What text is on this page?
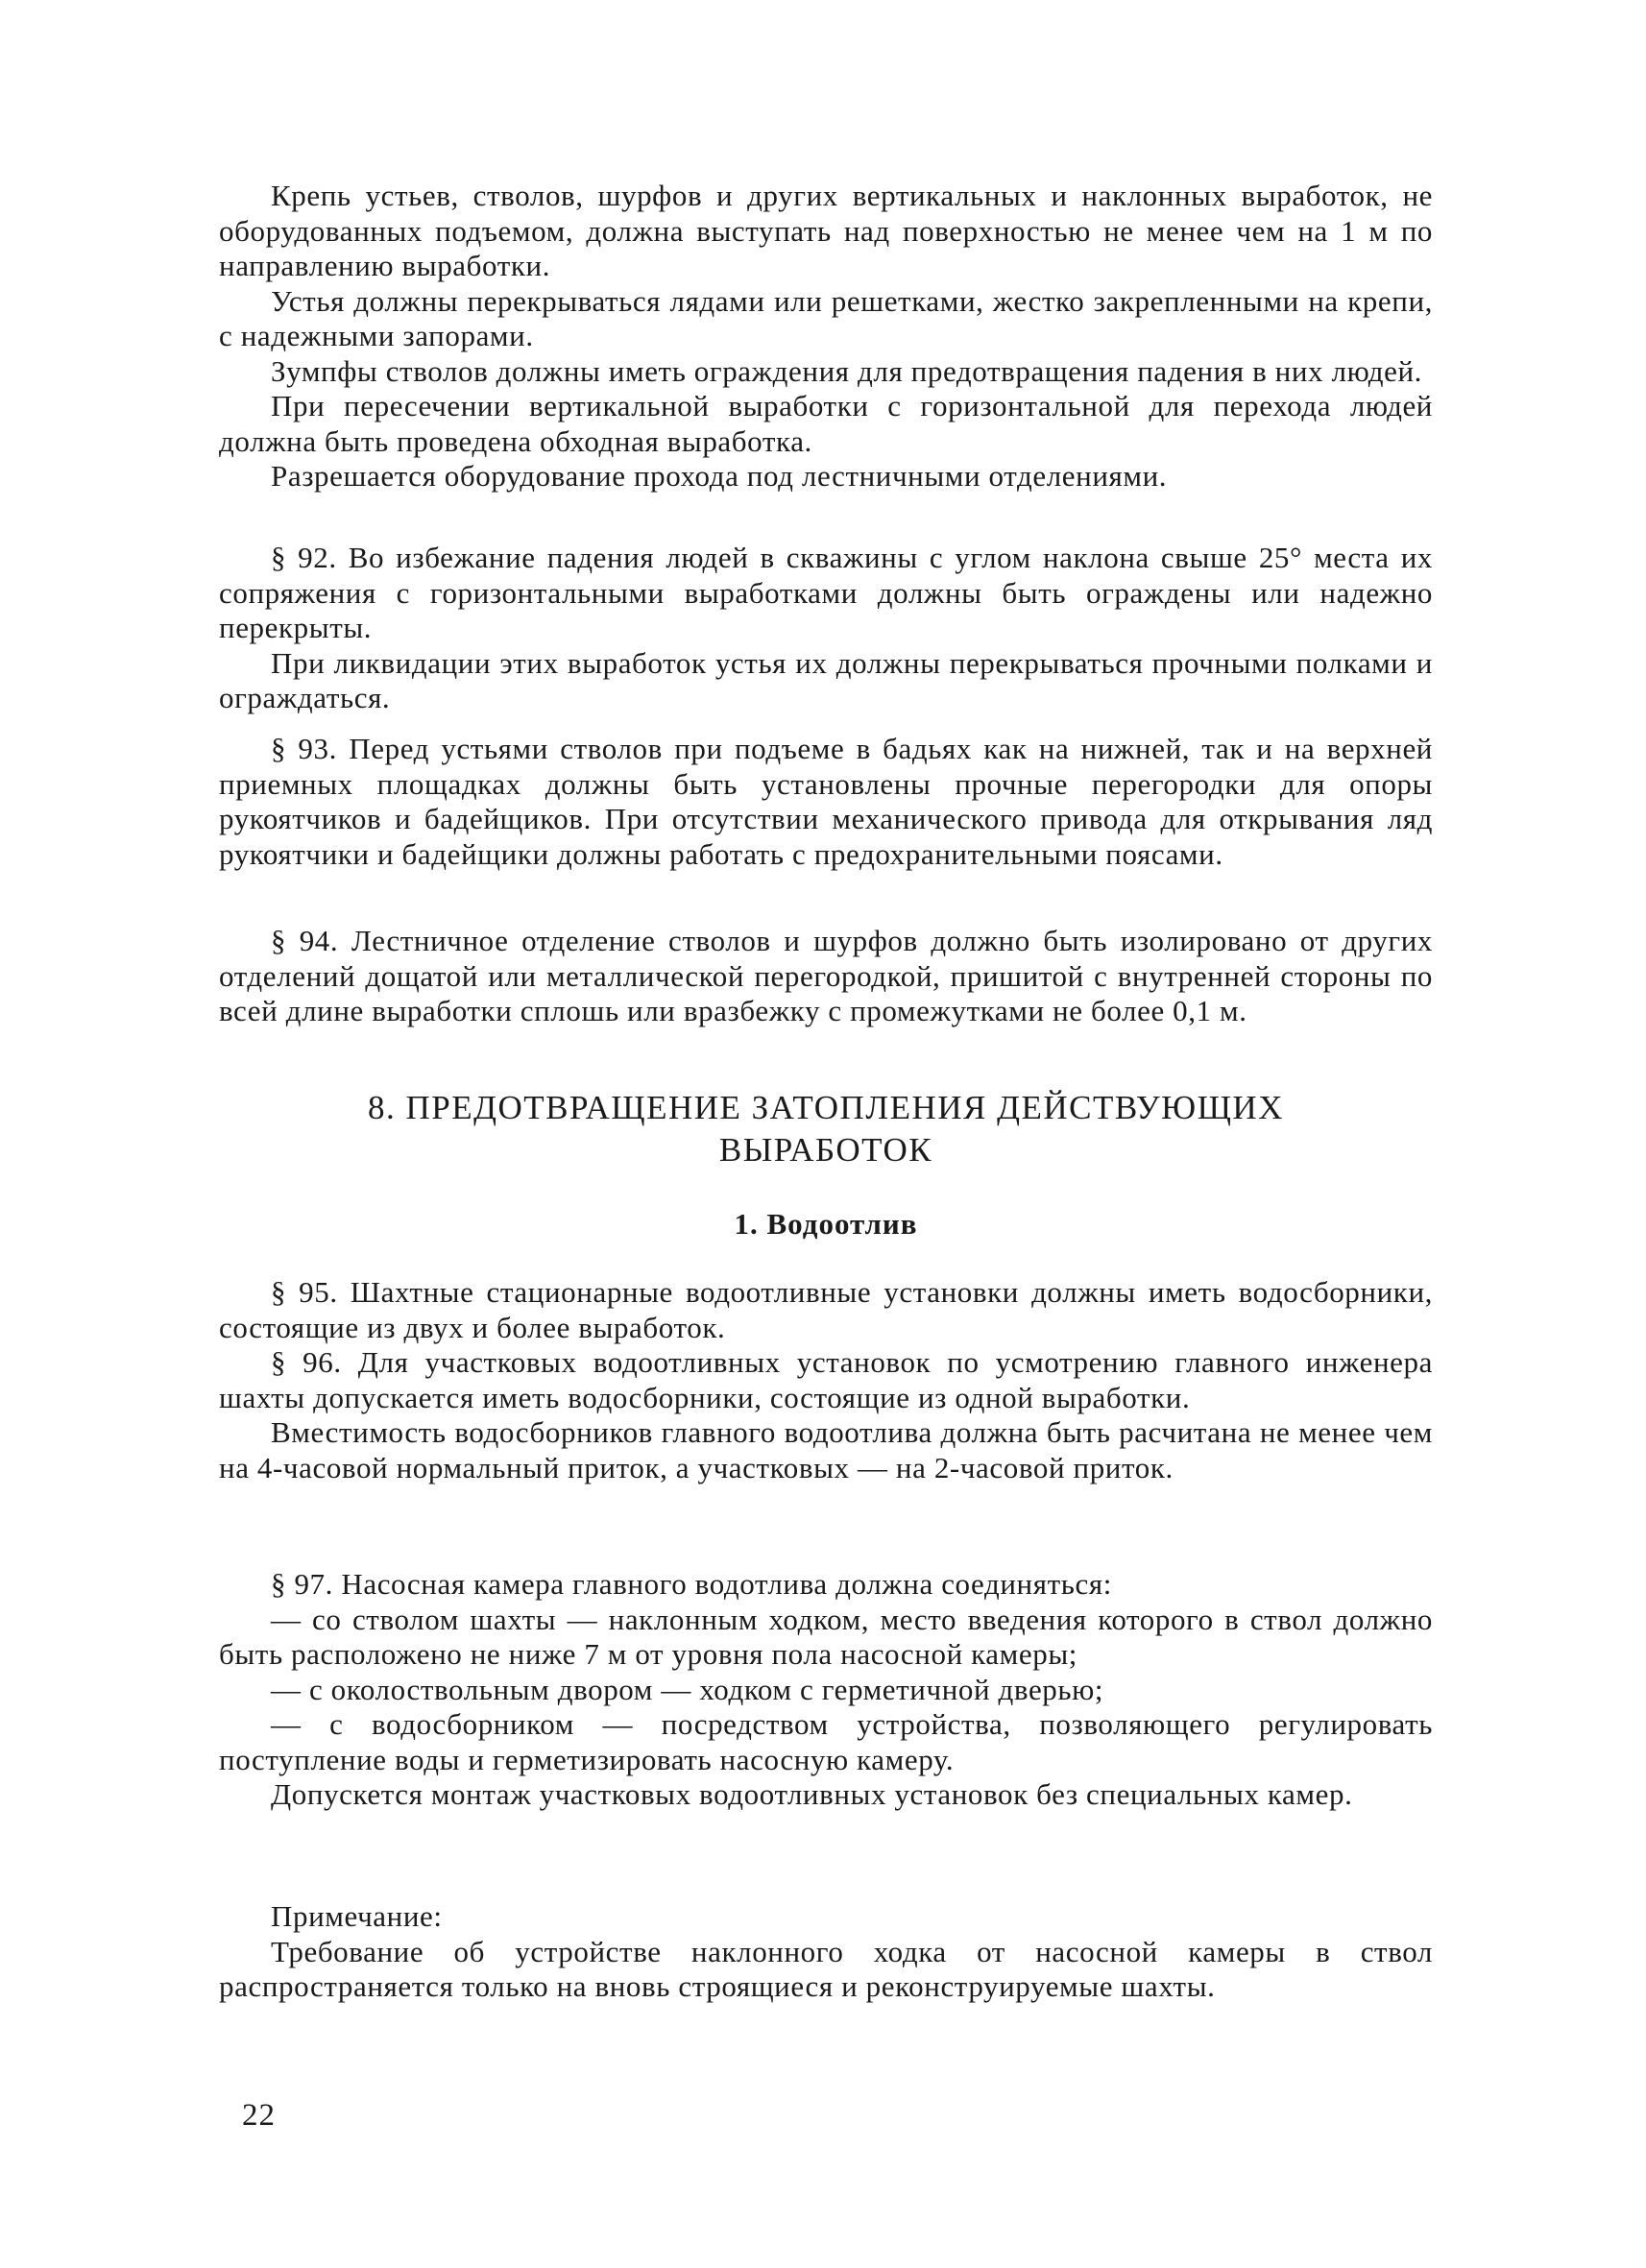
Крепь устьев, стволов, шурфов и других вертикальных и наклонных выработок, не оборудованных подъемом, должна выступать над поверхностью не менее чем на 1 м по направлению выработки.

Устья должны перекрываться лядами или решетками, жестко закрепленными на крепи, с надежными запорами.

Зумпфы стволов должны иметь ограждения для предотвращения падения в них людей.

При пересечении вертикальной выработки с горизонтальной для перехода людей должна быть проведена обходная выработка.

Разрешается оборудование прохода под лестничными отделениями.

§ 92. Во избежание падения людей в скважины с углом наклона свыше 25° места их сопряжения с горизонтальными выработками должны быть ограждены или надежно перекрыты.

При ликвидации этих выработок устья их должны перекрываться прочными полками и ограждаться.

§ 93. Перед устьями стволов при подъеме в бадьях как на нижней, так и на верхней приемных площадках должны быть установлены прочные перегородки для опоры рукоятчиков и бадейщиков. При отсутствии механического привода для открывания ляд рукоятчики и бадейщики должны работать с предохранительными поясами.

§ 94. Лестничное отделение стволов и шурфов должно быть изолировано от других отделений дощатой или металлической перегородкой, пришитой с внутренней стороны по всей длине выработки сплошь или вразбежку с промежутками не более 0,1 м.

8. ПРЕДОТВРАЩЕНИЕ ЗАТОПЛЕНИЯ ДЕЙСТВУЮЩИХ
ВЫРАБОТОК
1. Водоотлив

§ 95. Шахтные стационарные водоотливные установки должны иметь водосборники, состоящие из двух и более выработок.

§ 96. Для участковых водоотливных установок по усмотрению главного инженера шахты допускается иметь водосборники, состоящие из одной выработки.

Вместимость водосборников главного водоотлива должна быть расчитана не менее чем на 4-часовой нормальный приток, а участковых — на 2-часовой приток.

§ 97. Насосная камера главного водотлива должна соединяться:

— со стволом шахты — наклонным ходком, место введения которого в ствол должно быть расположено не ниже 7 м от уровня пола насосной камеры;

— с околоствольным двором — ходком с герметичной дверью;

— с водосборником — посредством устройства, позволяющего регулировать поступление воды и герметизировать насосную камеру.

Допускется монтаж участковых водоотливных установок без специальных камер.

Примечание:

Требование об устройстве наклонного ходка от насосной камеры в ствол распространяется только на вновь строящиеся и реконструируемые шахты.

22
